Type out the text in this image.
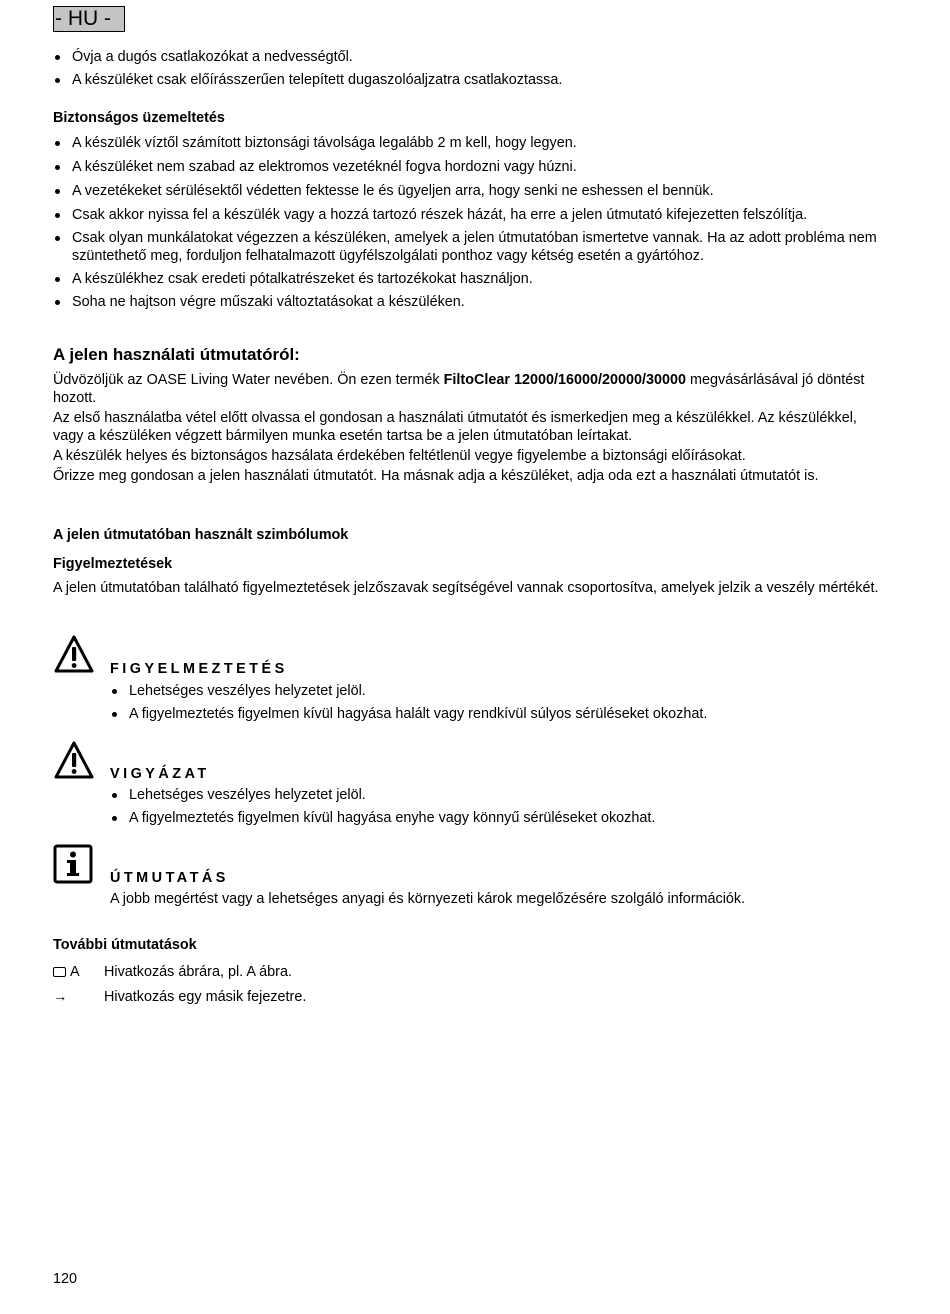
- HU -
Óvja a dugós csatlakozókat a nedvességtől.
A készüléket csak előírásszerűen telepített dugaszolóaljzatra csatlakoztassa.
Biztonságos üzemeltetés
A készülék víztől számított biztonsági távolsága legalább 2 m kell, hogy legyen.
A készüléket nem szabad az elektromos vezetéknél fogva hordozni vagy húzni.
A vezetékeket sérülésektől védetten fektesse le és ügyeljen arra, hogy senki ne eshessen el bennük.
Csak akkor nyissa fel a készülék vagy a hozzá tartozó részek házát, ha erre a jelen útmutató kifejezetten felszólítja.
Csak olyan munkálatokat végezzen a készüléken, amelyek a jelen útmutatóban ismertetve vannak. Ha az adott probléma nem szüntethető meg, forduljon felhatalmazott ügyfélszolgálati ponthoz vagy kétség esetén a gyártóhoz.
A készülékhez csak eredeti pótalkatrészeket és tartozékokat használjon.
Soha ne hajtson végre műszaki változtatásokat a készüléken.
A jelen használati útmutatóról:
Üdvözöljük az OASE Living Water nevében. Ön ezen termék FiltoClear 12000/16000/20000/30000 megvásárlásával jó döntést hozott.
Az első használatba vétel előtt olvassa el gondosan a használati útmutatót és ismerkedjen meg a készülékkel. Az készülékkel, vagy a készüléken végzett bármilyen munka esetén tartsa be a jelen útmutatóban leírtakat.
A készülék helyes és biztonságos hazsálata érdekében feltétlenül vegye figyelembe a biztonsági előírásokat.
Őrizze meg gondosan a jelen használati útmutatót. Ha másnak adja a készüléket, adja oda ezt a használati útmutatót is.
A jelen útmutatóban használt szimbólumok
Figyelmeztetések
A jelen útmutatóban található figyelmeztetések jelzőszavak segítségével vannak csoportosítva, amelyek jelzik a veszély mértékét.
FIGYELMEZTETÉS
Lehetséges veszélyes helyzetet jelöl.
A figyelmeztetés figyelmen kívül hagyása halált vagy rendkívül súlyos sérüléseket okozhat.
VIGYÁZAT
Lehetséges veszélyes helyzetet jelöl.
A figyelmeztetés figyelmen kívül hagyása enyhe vagy könnyű sérüléseket okozhat.
ÚTMUTATÁS
A jobb megértést vagy a lehetséges anyagi és környezeti károk megelőzésére szolgáló információk.
További útmutatások
A	Hivatkozás ábrára, pl. A ábra.
→	Hivatkozás egy másik fejezetre.
120
